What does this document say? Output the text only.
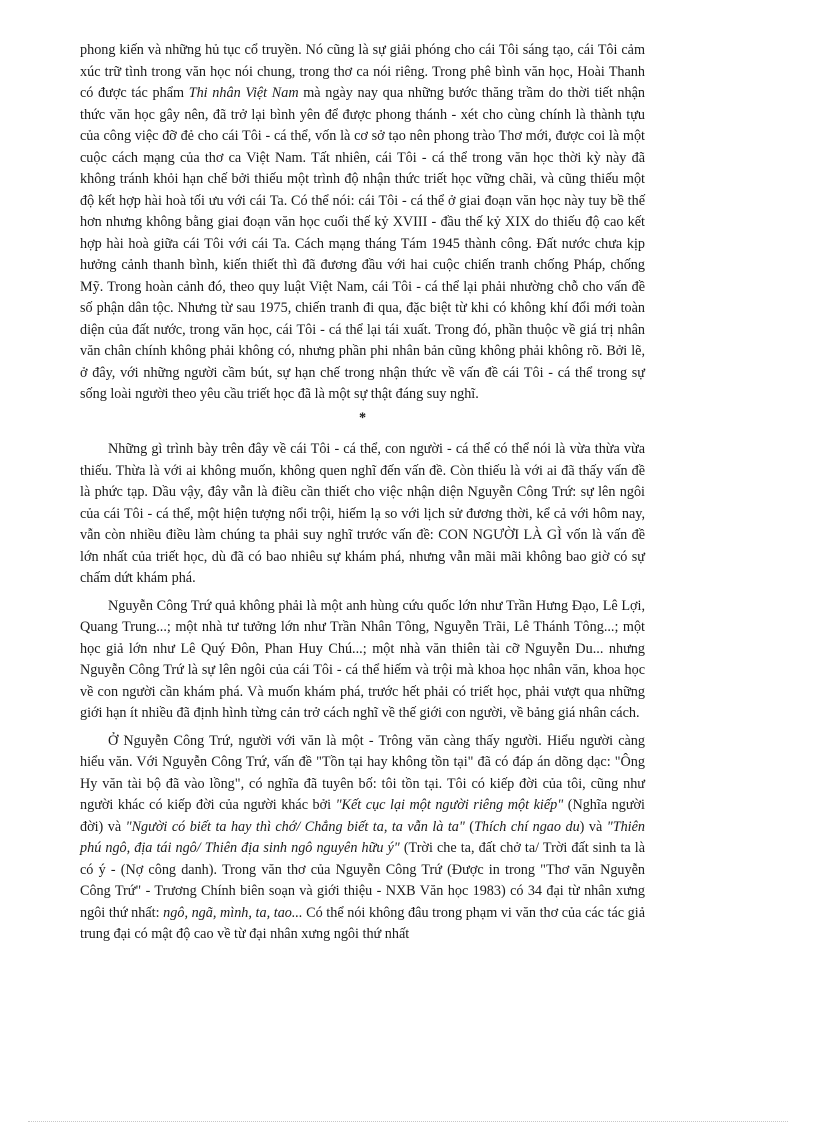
phong kiến và những hủ tục cổ truyền. Nó cũng là sự giải phóng cho cái Tôi sáng tạo, cái Tôi cảm xúc trữ tình trong văn học nói chung, trong thơ ca nói riêng. Trong phê bình văn học, Hoài Thanh có được tác phẩm Thi nhân Việt Nam mà ngày nay qua những bước thăng trầm do thời tiết nhận thức văn học gây nên, đã trở lại bình yên để được phong thánh - xét cho cùng chính là thành tựu của công việc đỡ đẻ cho cái Tôi - cá thể, vốn là cơ sở tạo nên phong trào Thơ mới, được coi là một cuộc cách mạng của thơ ca Việt Nam. Tất nhiên, cái Tôi - cá thể trong văn học thời kỳ này đã không tránh khỏi hạn chế bởi thiếu một trình độ nhận thức triết học vững chãi, và cũng thiếu một độ kết hợp hài hoà tối ưu với cái Ta. Có thể nói: cái Tôi - cá thể ở giai đoạn văn học này tuy bề thế hơn nhưng không bằng giai đoạn văn học cuối thế kỷ XVIII - đầu thế kỷ XIX do thiếu độ cao kết hợp hài hoà giữa cái Tôi với cái Ta. Cách mạng tháng Tám 1945 thành công. Đất nước chưa kịp hưởng cảnh thanh bình, kiến thiết thì đã đương đầu với hai cuộc chiến tranh chống Pháp, chống Mỹ. Trong hoàn cảnh đó, theo quy luật Việt Nam, cái Tôi - cá thể lại phải nhường chỗ cho vấn đề số phận dân tộc. Nhưng từ sau 1975, chiến tranh đi qua, đặc biệt từ khi có không khí đổi mới toàn diện của đất nước, trong văn học, cái Tôi - cá thể lại tái xuất. Trong đó, phần thuộc về giá trị nhân văn chân chính không phải không có, nhưng phần phi nhân bản cũng không phải không rõ. Bởi lẽ, ở đây, với những người cầm bút, sự hạn chế trong nhận thức về vấn đề cái Tôi - cá thể trong sự sống loài người theo yêu cầu triết học đã là một sự thật đáng suy nghĩ.

*

Những gì trình bày trên đây về cái Tôi - cá thể, con người - cá thể có thể nói là vừa thừa vừa thiếu. Thừa là với ai không muốn, không quen nghĩ đến vấn đề. Còn thiếu là với ai đã thấy vấn đề là phức tạp. Dầu vậy, đây vẫn là điều cần thiết cho việc nhận diện Nguyễn Công Trứ: sự lên ngôi của cái Tôi - cá thể, một hiện tượng nổi trội, hiếm lạ so với lịch sử đương thời, kể cả với hôm nay, vẫn còn nhiều điều làm chúng ta phải suy nghĩ trước vấn đề: CON NGƯỜI LÀ GÌ vốn là vấn đề lớn nhất của triết học, dù đã có bao nhiêu sự khám phá, nhưng vẫn mãi mãi không bao giờ có sự chấm dứt khám phá.

Nguyễn Công Trứ quả không phải là một anh hùng cứu quốc lớn như Trần Hưng Đạo, Lê Lợi, Quang Trung...; một nhà tư tưởng lớn như Trần Nhân Tông, Nguyễn Trãi, Lê Thánh Tông...; một học giả lớn như Lê Quý Đôn, Phan Huy Chú...; một nhà văn thiên tài cỡ Nguyễn Du... nhưng Nguyễn Công Trứ là sự lên ngôi của cái Tôi - cá thể hiếm và trội mà khoa học nhân văn, khoa học về con người cần khám phá. Và muốn khám phá, trước hết phải có triết học, phải vượt qua những giới hạn ít nhiều đã định hình từng cản trở cách nghĩ về thế giới con người, về bảng giá nhân cách.

Ở Nguyễn Công Trứ, người với văn là một - Trông văn càng thấy người. Hiểu người càng hiểu văn. Với Nguyễn Công Trứ, vấn đề "Tồn tại hay không tồn tại" đã có đáp án dõng dạc: "Ông Hy văn tài bộ đã vào lồng", có nghĩa đã tuyên bố: tôi tồn tại. Tôi có kiếp đời của tôi, cũng như người khác có kiếp đời của người khác bởi "Kết cục lại một người riêng một kiếp" (Nghĩa người đời) và "Người có biết ta hay thì chớ/ Chẳng biết ta, ta vẫn là ta" (Thích chí ngao du) và "Thiên phú ngô, địa tái ngô/ Thiên địa sinh ngô nguyên hữu ý" (Trời che ta, đất chở ta/ Trời đất sinh ta là có ý - (Nợ công danh). Trong văn thơ của Nguyễn Công Trứ (Được in trong "Thơ văn Nguyễn Công Trứ" - Trương Chính biên soạn và giới thiệu - NXB Văn học 1983) có 34 đại từ nhân xưng ngôi thứ nhất: ngô, ngã, mình, ta, tao... Có thể nói không đâu trong phạm vi văn thơ của các tác giả trung đại có mật độ cao về từ đại nhân xưng ngôi thứ nhất
